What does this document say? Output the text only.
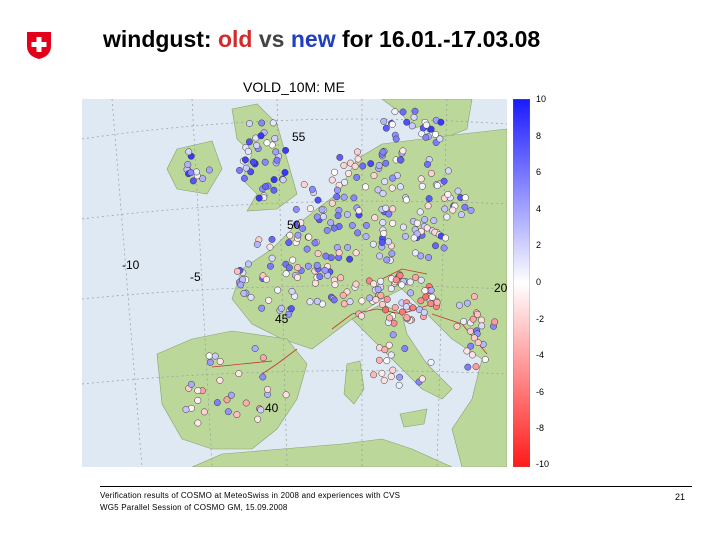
windgust: old vs new for 16.01.-17.03.08
VOLD_10M: ME
55
50
45
40
-10
-5
20
10
8
6
4
2
0
-2
-4
-6
-8
-10
Verification results of COSMO at MeteoSwiss in 2008 and experiences with CVS
WG5 Parallel Session of COSMO GM, 15.09.2008
21
